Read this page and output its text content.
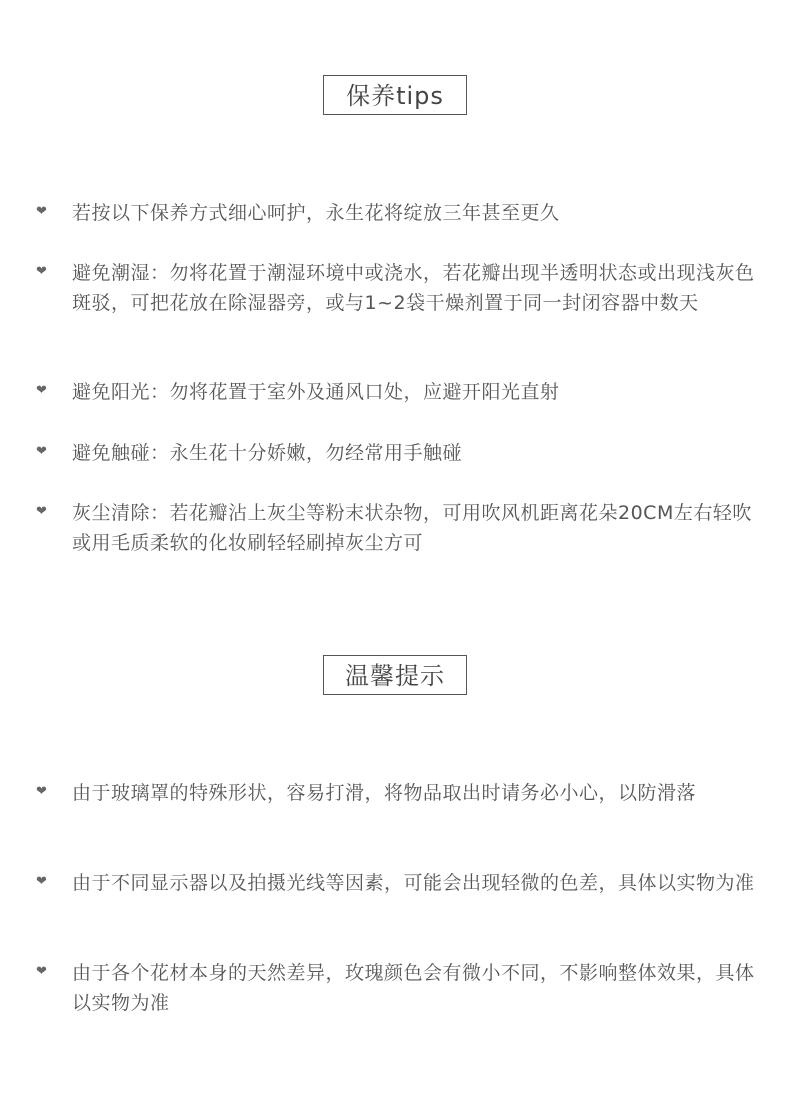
保养tips
❤ 若按以下保养方式细心呵护，永生花将绽放三年甚至更久
❤ 避免潮湿：勿将花置于潮湿环境中或浇水，若花瓣出现半透明状态或出现浅灰色斑驳，可把花放在除湿器旁，或与1~2袋干燥剂置于同一封闭容器中数天
❤ 避免阳光：勿将花置于室外及通风口处，应避开阳光直射
❤ 避免触碰：永生花十分娇嫩，勿经常用手触碰
❤ 灰尘清除：若花瓣沾上灰尘等粉末状杂物，可用吹风机距离花朵20CM左右轻吹或用毛质柔软的化妆刷轻轻刷掉灰尘方可
温馨提示
❤ 由于玻璃罩的特殊形状，容易打滑，将物品取出时请务必小心，以防滑落
❤ 由于不同显示器以及拍摄光线等因素，可能会出现轻微的色差，具体以实物为准
❤ 由于各个花材本身的天然差异，玫瑰颜色会有微小不同，不影响整体效果，具体以实物为准
